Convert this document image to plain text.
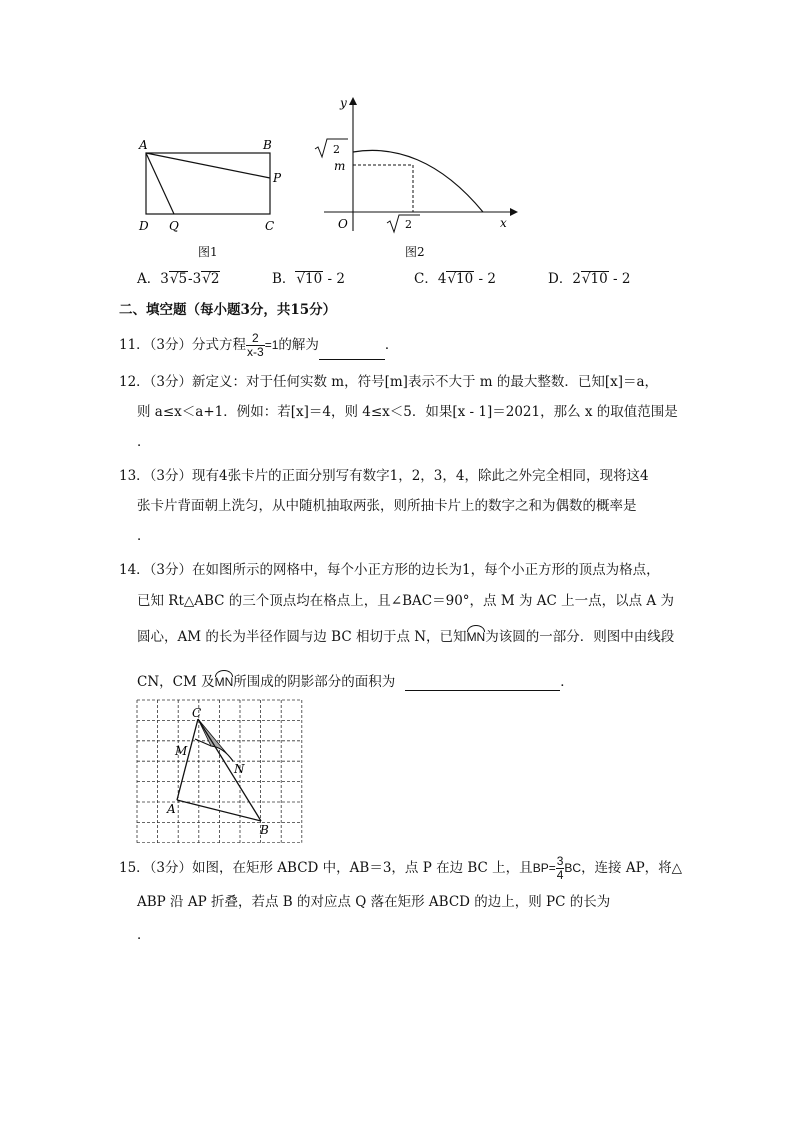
A	B
P
D Q	C
图1
y
x
O
m
2
2
图2
A．3√5-3√2	B．√10 - 2	C．4√10 - 2	D．2√10 - 2
二、填空题（每小题3分，共15分）
11．（3分）分式方程 $\frac{2}{x-3} =1$的解为	．
12．（3分）新定义：对于任何实数 m，符号[m]表示不大于 m 的最大整数．已知[x]＝a，
则 a≤x＜a+1．例如：若[x]＝4，则 4≤x＜5．如果[x - 1]＝2021，那么 x 的取值范围是
．
13．（3分）现有4张卡片的正面分别写有数字1，2，3，4，除此之外完全相同，现将这4
张卡片背面朝上洗匀，从中随机抽取两张，则所抽卡片上的数字之和为偶数的概率是
．
14．（3分）在如图所示的网格中，每个小正方形的边长为1，每个小正方形的顶点为格点，
已知 Rt△ABC 的三个顶点均在格点上，且∠BAC＝90°，点 M 为 AC 上一点，以点 A 为
圆心，AM 的长为半径作圆与边 BC 相切于点 N，已知MN为该圆的一部分．则图中由线段
CN，CM 及MN所围成的阴影部分的面积为	．
C
M
N
A
B
15．（3分）如图，在矩形 ABCD 中，AB＝3，点 P 在边 BC 上，且$BP= \frac{3}{4}$ BC，连接 AP，将△
ABP 沿 AP 折叠，若点 B 的对应点 Q 落在矩形 ABCD 的边上，则 PC 的长为
．
